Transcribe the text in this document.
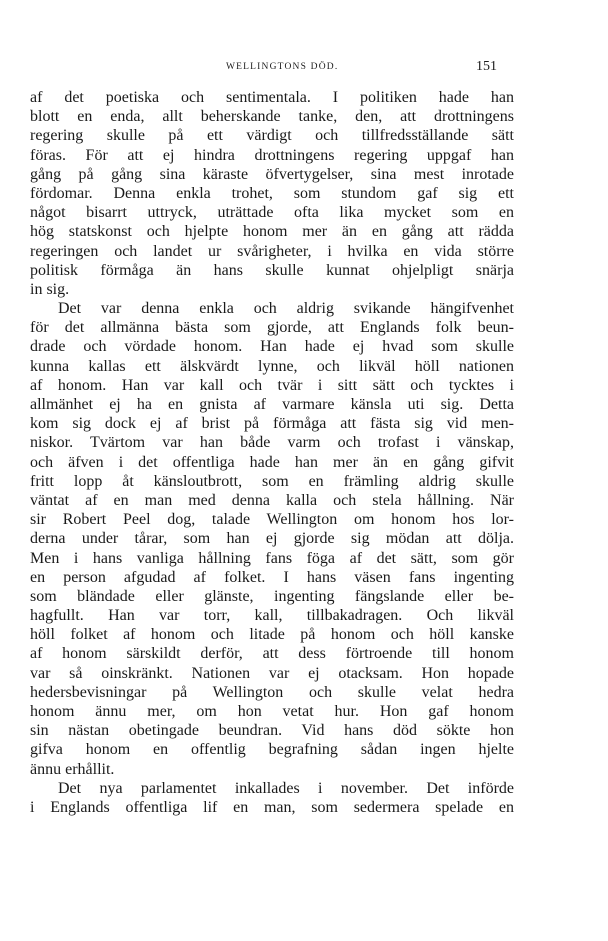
WELLINGTONS DÖD.	151
af det poetiska och sentimentala. I politiken hade han
blott en enda, allt beherskande tanke, den, att drottningens
regering skulle på ett värdigt och tillfredsställande sätt
föras. För att ej hindra drottningens regering uppgaf han
gång på gång sina käraste öfvertygelser, sina mest inrotade
fördomar. Denna enkla trohet, som stundom gaf sig ett
något bisarrt uttryck, uträttade ofta lika mycket som en
hög statskonst och hjelpte honom mer än en gång att rädda
regeringen och landet ur svårigheter, i hvilka en vida större
politisk förmåga än hans skulle kunnat ohjelpligt snärja
in sig.
Det var denna enkla och aldrig svikande hängifvenhet
för det allmänna bästa som gjorde, att Englands folk beun-
drade och vördade honom. Han hade ej hvad som skulle
kunna kallas ett älskvärdt lynne, och likväl höll nationen
af honom. Han var kall och tvär i sitt sätt och tycktes i
allmänhet ej ha en gnista af varmare känsla uti sig. Detta
kom sig dock ej af brist på förmåga att fästa sig vid men-
niskor. Tvärtom var han både varm och trofast i vänskap,
och äfven i det offentliga hade han mer än en gång gifvit
fritt lopp åt känsloutbrott, som en främling aldrig skulle
väntat af en man med denna kalla och stela hållning. När
sir Robert Peel dog, talade Wellington om honom hos lor-
derna under tårar, som han ej gjorde sig mödan att dölja.
Men i hans vanliga hållning fans föga af det sätt, som gör
en person afgudad af folket. I hans väsen fans ingenting
som bländade eller glänste, ingenting fängslande eller be-
hagfullt. Han var torr, kall, tillbakadragen. Och likväl
höll folket af honom och litade på honom och höll kanske
af honom särskildt derför, att dess förtroende till honom
var så oinskränkt. Nationen var ej otacksam. Hon hopade
hedersbevisningar på Wellington och skulle velat hedra
honom ännu mer, om hon vetat hur. Hon gaf honom
sin nästan obetingade beundran. Vid hans död sökte hon
gifva honom en offentlig begrafning sådan ingen hjelte
ännu erhållit.
Det nya parlamentet inkallades i november. Det införde
i Englands offentliga lif en man, som sedermera spelade en
